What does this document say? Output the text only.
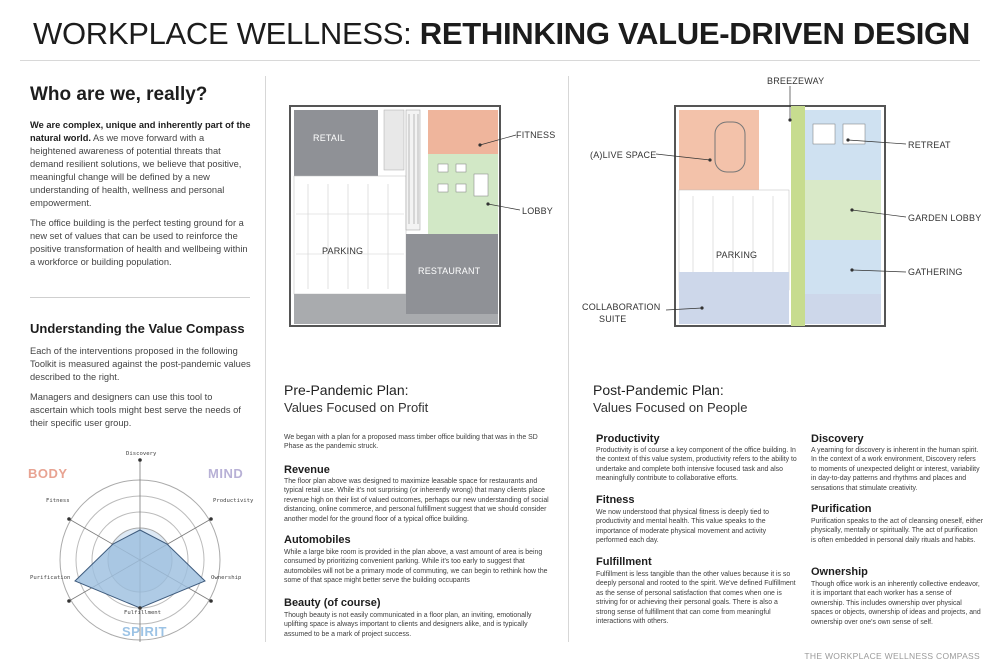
WORKPLACE WELLNESS: RETHINKING VALUE-DRIVEN DESIGN
Who are we, really?
We are complex, unique and inherently part of the natural world. As we move forward with a heightened awareness of potential threats that demand resilient solutions, we believe that positive, meaningful change will be defined by a new understanding of health, wellness and personal empowerment.
The office building is the perfect testing ground for a new set of values that can be used to reinforce the positive transformation of health and wellbeing within a workforce or building population.
Understanding the Value Compass
Each of the interventions proposed in the following Toolkit is measured against the post-pandemic values described to the right.
Managers and designers can use this tool to ascertain which tools might best serve the needs of their specific user group.
BODY	MIND
SPIRIT
Discovery
Productivity
Ownership
Fulfillment
Purification
Fitness
RETAIL	FITNESS
LOBBY
PARKING
RESTAURANT
Pre-Pandemic Plan:
Values Focused on Profit
We began with a plan for a proposed mass timber office building that was in the SD Phase as the pandemic struck.
Revenue
The floor plan above was designed to maximize leasable space for restaurants and typical retail use. While it's not surprising (or inherently wrong) that many clients place revenue high on their list of valued outcomes, perhaps our new understanding of social distancing, online commerce, and personal fulfillment suggest that we should consider another model for the ground floor of a typical office building.
Automobiles
While a large bike room is provided in the plan above, a vast amount of area is being consumed by prioritizing convenient parking. While it's too early to suggest that automobiles will not be a primary mode of commuting, we can begin to rethink how the some of that space might better serve the building occupants
Beauty (of course)
Though beauty is not easily communicated in a floor plan, an inviting, emotionally uplifting space is always important to clients and designers alike, and is typically assumed to be a mark of project success.
BREEZEWAY
(A)LIVE SPACE
RETREAT
GARDEN LOBBY
PARKING
GATHERING
COLLABORATION
SUITE
Post-Pandemic Plan:
Values Focused on People
Productivity
Productivity is of course a key component of the office building. In the context of this value system, productivity refers to the ability to undertake and complete both intensive focused task and also meaningfully contribute to collaborative efforts.
Fitness
We now understood that physical fitness is deeply tied to productivity and mental health. This value speaks to the importance of moderate physical movement and activity performed each day.
Fulfillment
Fulfillment is less tangible than the other values because it is so deeply personal and rooted to the spirit. We've defined Fulfillment as the sense of personal satisfaction that comes when one is striving for or achieving their personal goals. There is also a strong sense of fulfillment that can come from meaningful interactions with others.
Discovery
A yearning for discovery is inherent in the human spirit. In the context of a work environment, Discovery refers to moments of unexpected delight or interest, variability in day-to-day patterns and rhythms and places and sensations that stimulate creativity.
Purification
Purification speaks to the act of cleansing oneself, either physically, mentally or spiritually. The act of purification is often embedded in personal daily rituals and habits.
Ownership
Though office work is an inherently collective endeavor, it is important that each worker has a sense of ownership. This includes ownership over physical spaces or objects, ownership of ideas and projects, and ownership over one's own sense of self.
THE WORKPLACE WELLNESS COMPASS
